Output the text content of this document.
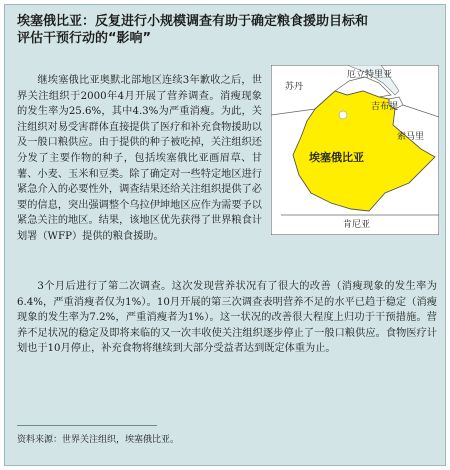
埃塞俄比亚：反复进行小规模调查有助于确定粮食援助目标和
评估干预行动的“影响”

继埃塞俄比亚奥默北部地区连续3年歉收之后，世界关注组织于2000年4月开展了营养调查。消瘦现象的发生率为25.6%，其中4.3%为严重消瘦。为此，关注组织对易受害群体直接提供了医疗和补充食物援助以及一般口粮供应。由于提供的种子被吃掉，关注组织还分发了主要作物的种子，包括埃塞俄比亚画眉草、甘薯、小麦、玉米和豆类。除了确定对一些特定地区进行紧急介入的必要性外，调查结果还给关注组织提供了必要的信息，突出强调整个乌拉伊坤地区应作为需要予以紧急关注的地区。结果，该地区优先获得了世界粮食计划署（WFP）提供的粮食援助。

苏丹
厄立特里亚
吉布提
索马里
埃塞俄比亚
肯尼亚

3个月后进行了第二次调查。这次发现营养状况有了很大的改善（消瘦现象的发生率为6.4%，严重消瘦者仅为1%）。10月开展的第三次调查表明营养不足的水平已趋于稳定（消瘦现象的发生率为7.2%，严重消瘦者为1%）。这一状况的改善很大程度上归功于干预措施。营养不足状况的稳定及即将来临的又一次丰收使关注组织逐步停止了一般口粮供应。食物医疗计划也于10月停止，补充食物将继续到大部分受益者达到既定体重为止。

资料来源：世界关注组织，埃塞俄比亚。
